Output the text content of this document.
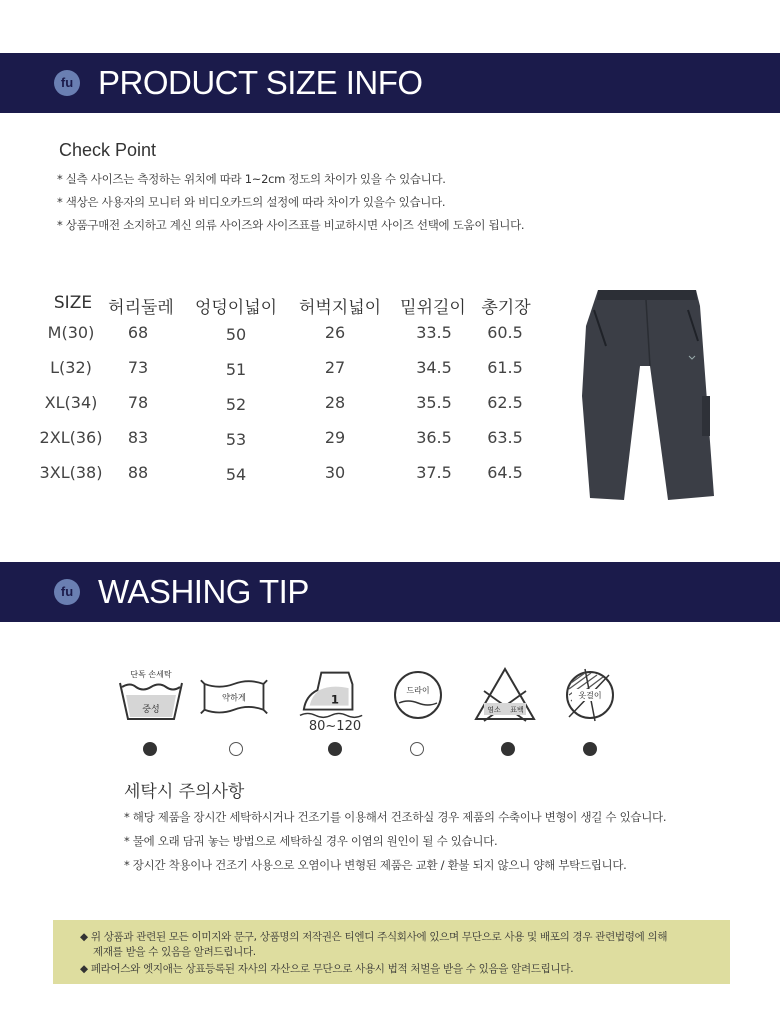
fu PRODUCT SIZE INFO
Check Point
* 실측 사이즈는 측정하는 위치에 따라 1~2cm 정도의 차이가 있을 수 있습니다.
* 색상은 사용자의 모니터 와 비디오카드의 설정에 따라 차이가 있을수 있습니다.
* 상품구매전 소지하고 계신 의류 사이즈와 사이즈표를 비교하시면 사이즈 선택에 도움이 됩니다.
SIZE 허리둘레	엉덩이넓이	허벅지넓이	밑위길이 총기장
M(30)	68	50	26	33.5	60.5
L(32)	73	51	27	34.5	61.5
XL(34)	78	52	28	35.5	62.5
2XL(36)	83	53	29	36.5	63.5
3XL(38)	88	54	30	37.5	64.5
fu WASHING TIP
단독 손세탁
중성
약하게	1
80~120
드라이
염소 표백
옷걸이
세탁시 주의사항
* 해당 제품을 장시간 세탁하시거나 건조기를 이용해서 건조하실 경우 제품의 수축이나 변형이 생길 수 있습니다.
* 물에 오래 담궈 놓는 방법으로 세탁하실 경우 이염의 원인이 될 수 있습니다.
* 장시간 착용이나 건조기 사용으로 오염이나 변형된 제품은 교환 / 환불 되지 않으니 양해 부탁드립니다.
◆ 위 상품과 관련된 모든 이미지와 문구, 상품명의 저작권은 티엔디 주식회사에 있으며 무단으로 사용 및 배포의 경우 관련법령에 의해
제재를 받을 수 있음을 알려드립니다.
◆ 페라어스와 엣지애는 상표등록된 자사의 자산으로 무단으로 사용시 법적 처벌을 받을 수 있음을 알려드립니다.
